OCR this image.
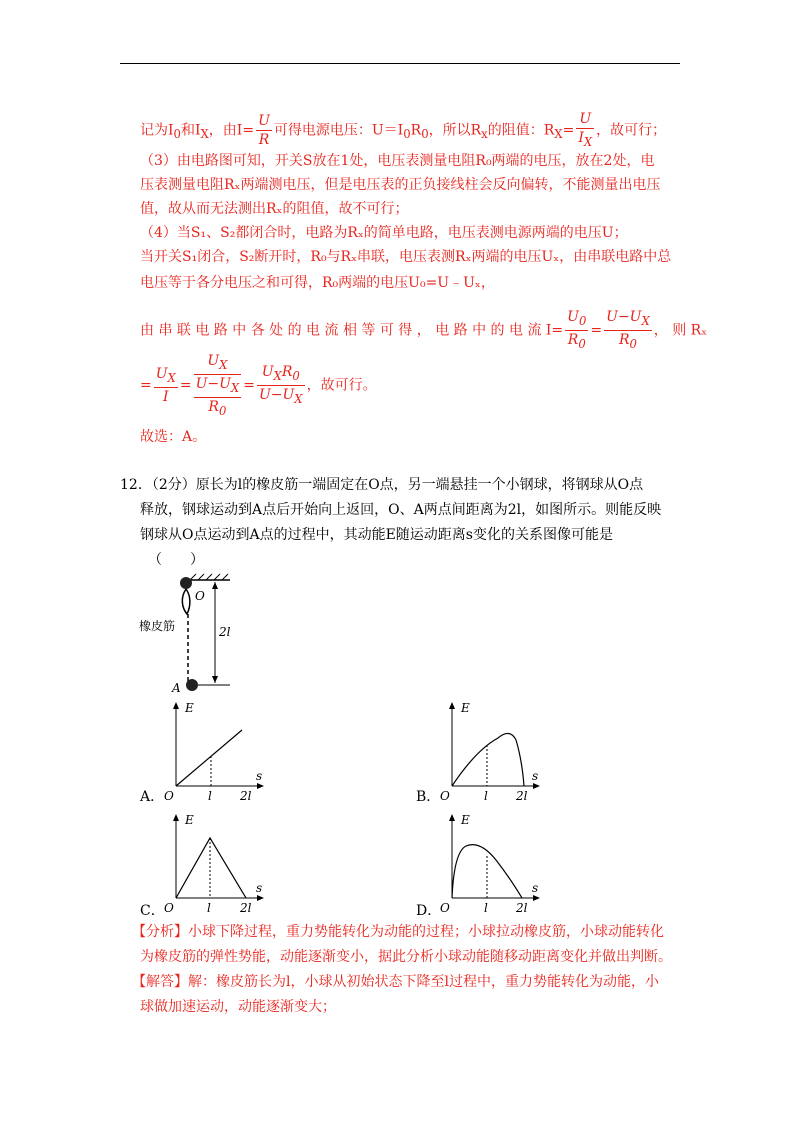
记为$I_0$和$I_X$，由$I= \frac{U}{R}$ 可得电源电压：$U=I_0R_0$，所以$R_x$的阻值：$R_X= \frac{U}{I_X}$ ，故可行；
（3）由电路图可知，开关S放在1处，电压表测量电阻R₀两端的电压，放在2处，电
压表测量电阻Rₓ两端测电压，但是电压表的正负接线柱会反向偏转，不能测量出电压
值，故从而无法测出Rₓ的阻值，故不可行；
（4）当S₁、S₂都闭合时，电路为Rₓ的简单电路，电压表测电源两端的电压U；
当开关S₁闭合，S₂断开时，R₀与Rₓ串联，电压表测Rₓ两端的电压Uₓ，由串联电路中总
电压等于各分电压之和可得，R₀两端的电压U₀=U﹣Uₓ，
由 串 联 电 路 中 各 处 的 电 流 相 等 可 得 ， 电 路 中 的 电 流 $I= \frac{U_0}{R_0} = \frac{U-U_X}{R_0}$ ， 则 Rₓ
= $\frac{U_X}{I}$ =
$U_X$
$U-U_X$
$R_0$
= $\frac{U_XR_0}{U-U_X}$ ，故可行。
故选：A。
12．（2分）原长为l的橡皮筋一端固定在O点，另一端悬挂一个小钢球，将钢球从O点
释放，钢球运动到A点后开始向上返回，O、A两点间距离为2l，如图所示。则能反映
钢球从O点运动到A点的过程中，其动能E随运动距离s变化的关系图像可能是
（　　）
O
A
2l
橡皮筋
A．
E
s
O	l 2l	B．
E
s
O	l 2l
C．
E
s
O	l 2l	D．
E
s
O	l 2l
【分析】小球下降过程，重力势能转化为动能的过程；小球拉动橡皮筋，小球动能转化
为橡皮筋的弹性势能，动能逐渐变小，据此分析小球动能随移动距离变化并做出判断。
【解答】解：橡皮筋长为l，小球从初始状态下降至l过程中，重力势能转化为动能，小
球做加速运动，动能逐渐变大；
